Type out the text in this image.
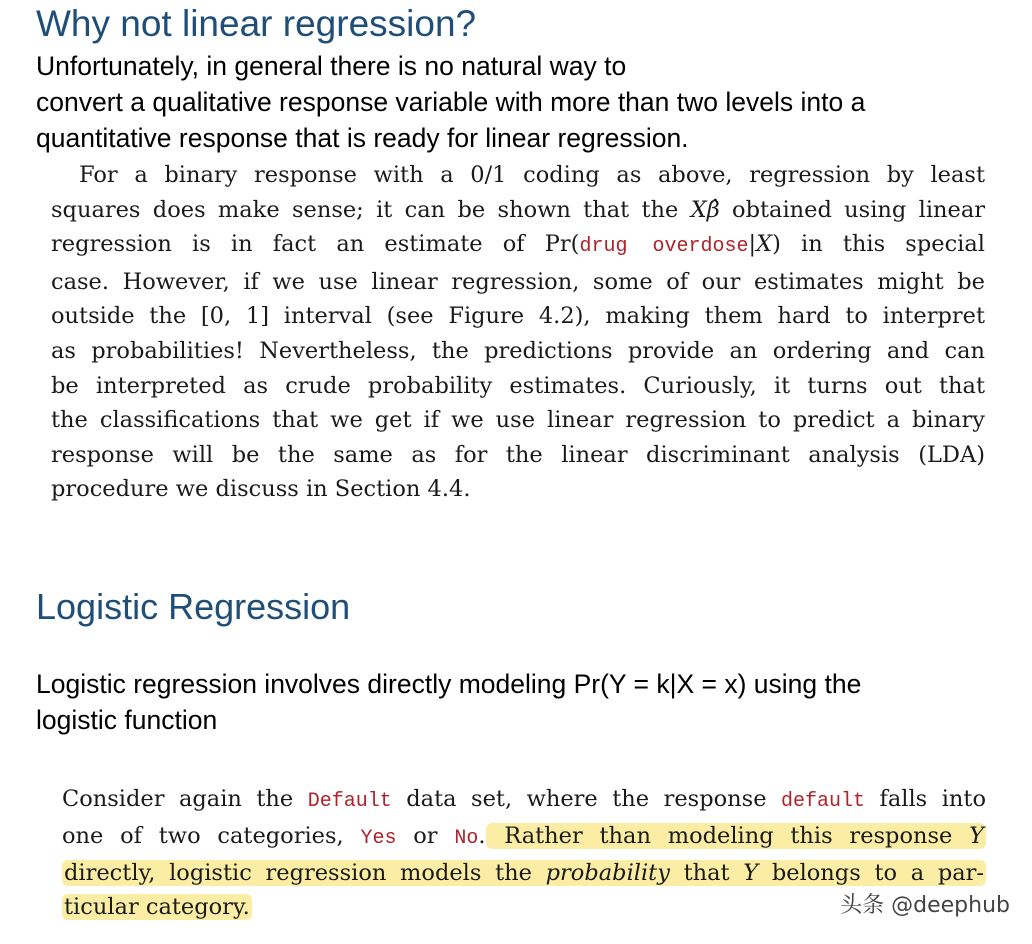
Why not linear regression?
Unfortunately, in general there is no natural way to
convert a qualitative response variable with more than two levels into a
quantitative response that is ready for linear regression.
For a binary response with a 0/1 coding as above, regression by least
squares does make sense; it can be shown that the Xβ̂ obtained using linear
regression is in fact an estimate of Pr(drug overdose|X) in this special
case. However, if we use linear regression, some of our estimates might be
outside the [0, 1] interval (see Figure 4.2), making them hard to interpret
as probabilities! Nevertheless, the predictions provide an ordering and can
be interpreted as crude probability estimates. Curiously, it turns out that
the classifications that we get if we use linear regression to predict a binary
response will be the same as for the linear discriminant analysis (LDA)
procedure we discuss in Section 4.4.
Logistic Regression
Logistic regression involves directly modeling Pr(Y = k|X = x) using the
logistic function
Consider again the Default data set, where the response default falls into
one of two categories, Yes or No. Rather than modeling this response Y
directly, logistic regression models the probability that Y belongs to a par-
ticular category.	头条 @deephub
